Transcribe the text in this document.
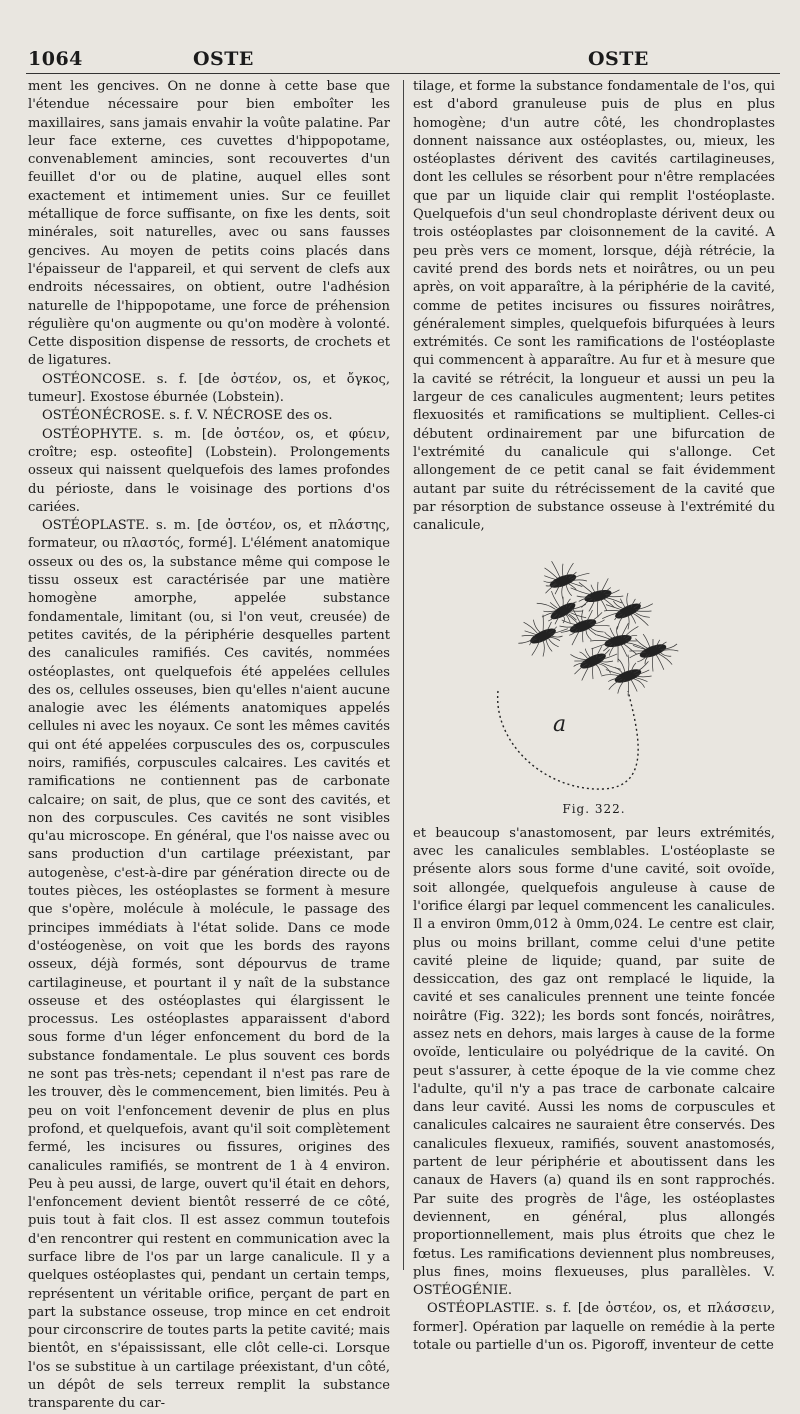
1064	OSTE	OSTE

ment les gencives. On ne donne à cette base que l'étendue nécessaire pour bien emboîter les maxillaires, sans jamais envahir la voûte palatine. Par leur face externe, ces cuvettes d'hippopotame, convenablement amincies, sont recouvertes d'un feuillet d'or ou de platine, auquel elles sont exactement et intimement unies. Sur ce feuillet métallique de force suffisante, on fixe les dents, soit minérales, soit naturelles, avec ou sans fausses gencives. Au moyen de petits coins placés dans l'épaisseur de l'appareil, et qui servent de clefs aux endroits nécessaires, on obtient, outre l'adhésion naturelle de l'hippopotame, une force de préhension régulière qu'on augmente ou qu'on modère à volonté. Cette disposition dispense de ressorts, de crochets et de ligatures.

OSTÉONCOSE. s. f. [de ὀστέον, os, et ὄγκος, tumeur]. Exostose éburnée (Lobstein).

OSTÉONÉCROSE. s. f. V. NÉCROSE des os.

OSTÉOPHYTE. s. m. [de ὀστέον, os, et φύειν, croître; esp. osteofite] (Lobstein). Prolongements osseux qui naissent quelquefois des lames profondes du périoste, dans le voisinage des portions d'os cariées.

OSTÉOPLASTE. s. m. [de ὀστέον, os, et πλάστης, formateur, ou πλαστός, formé]. L'élément anatomique osseux ou des os, la substance même qui compose le tissu osseux est caractérisée par une matière homogène amorphe, appelée substance fondamentale, limitant (ou, si l'on veut, creusée) de petites cavités, de la périphérie desquelles partent des canalicules ramifiés. Ces cavités, nommées ostéoplastes, ont quelquefois été appelées cellules des os, cellules osseuses, bien qu'elles n'aient aucune analogie avec les éléments anatomiques appelés cellules ni avec les noyaux. Ce sont les mêmes cavités qui ont été appelées corpuscules des os, corpuscules noirs, ramifiés, corpuscules calcaires. Les cavités et ramifications ne contiennent pas de carbonate calcaire; on sait, de plus, que ce sont des cavités, et non des corpuscules. Ces cavités ne sont visibles qu'au microscope. En général, que l'os naisse avec ou sans production d'un cartilage préexistant, par autogenèse, c'est-à-dire par génération directe ou de toutes pièces, les ostéoplastes se forment à mesure que s'opère, molécule à molécule, le passage des principes immédiats à l'état solide. Dans ce mode d'ostéogenèse, on voit que les bords des rayons osseux, déjà formés, sont dépourvus de trame cartilagineuse, et pourtant il y naît de la substance osseuse et des ostéoplastes qui élargissent le processus. Les ostéoplastes apparaissent d'abord sous forme d'un léger enfoncement du bord de la substance fondamentale. Le plus souvent ces bords ne sont pas très-nets; cependant il n'est pas rare de les trouver, dès le commencement, bien limités. Peu à peu on voit l'enfoncement devenir de plus en plus profond, et quelquefois, avant qu'il soit complètement fermé, les incisures ou fissures, origines des canalicules ramifiés, se montrent de 1 à 4 environ. Peu à peu aussi, de large, ouvert qu'il était en dehors, l'enfoncement devient bientôt resserré de ce côté, puis tout à fait clos. Il est assez commun toutefois d'en rencontrer qui restent en communication avec la surface libre de l'os par un large canalicule. Il y a quelques ostéoplastes qui, pendant un certain temps, représentent un véritable orifice, perçant de part en part la substance osseuse, trop mince en cet endroit pour circonscrire de toutes parts la petite cavité; mais bientôt, en s'épaississant, elle clôt celle-ci. Lorsque l'os se substitue à un cartilage préexistant, d'un côté, un dépôt de sels terreux remplit la substance transparente du car-

tilage, et forme la substance fondamentale de l'os, qui est d'abord granuleuse puis de plus en plus homogène; d'un autre côté, les chondroplastes donnent naissance aux ostéoplastes, ou, mieux, les ostéoplastes dérivent des cavités cartilagineuses, dont les cellules se résorbent pour n'être remplacées que par un liquide clair qui remplit l'ostéoplaste. Quelquefois d'un seul chondroplaste dérivent deux ou trois ostéoplastes par cloisonnement de la cavité. A peu près vers ce moment, lorsque, déjà rétrécie, la cavité prend des bords nets et noirâtres, ou un peu après, on voit apparaître, à la périphérie de la cavité, comme de petites incisures ou fissures noirâtres, généralement simples, quelquefois bifurquées à leurs extrémités. Ce sont les ramifications de l'ostéoplaste qui commencent à apparaître. Au fur et à mesure que la cavité se rétrécit, la longueur et aussi un peu la largeur de ces canalicules augmentent; leurs petites flexuosités et ramifications se multiplient. Celles-ci débutent ordinairement par une bifurcation de l'extrémité du canalicule qui s'allonge. Cet allongement de ce petit canal se fait évidemment autant par suite du rétrécissement de la cavité que par résorption de substance osseuse à l'extrémité du canalicule,

a
Fig. 322.

et beaucoup s'anastomosent, par leurs extrémités, avec les canalicules semblables. L'ostéoplaste se présente alors sous forme d'une cavité, soit ovoïde, soit allongée, quelquefois anguleuse à cause de l'orifice élargi par lequel commencent les canalicules. Il a environ 0mm,012 à 0mm,024. Le centre est clair, plus ou moins brillant, comme celui d'une petite cavité pleine de liquide; quand, par suite de dessiccation, des gaz ont remplacé le liquide, la cavité et ses canalicules prennent une teinte foncée noirâtre (Fig. 322); les bords sont foncés, noirâtres, assez nets en dehors, mais larges à cause de la forme ovoïde, lenticulaire ou polyédrique de la cavité. On peut s'assurer, à cette époque de la vie comme chez l'adulte, qu'il n'y a pas trace de carbonate calcaire dans leur cavité. Aussi les noms de corpuscules et canalicules calcaires ne sauraient être conservés. Des canalicules flexueux, ramifiés, souvent anastomosés, partent de leur périphérie et aboutissent dans les canaux de Havers (a) quand ils en sont rapprochés. Par suite des progrès de l'âge, les ostéoplastes deviennent, en général, plus allongés proportionnellement, mais plus étroits que chez le fœtus. Les ramifications deviennent plus nombreuses, plus fines, moins flexueuses, plus parallèles. V. OSTÉOGÉNIE.

OSTÉOPLASTIE. s. f. [de ὀστέον, os, et πλάσσειν, former]. Opération par laquelle on remédie à la perte totale ou partielle d'un os. Pigoroff, inventeur de cette
